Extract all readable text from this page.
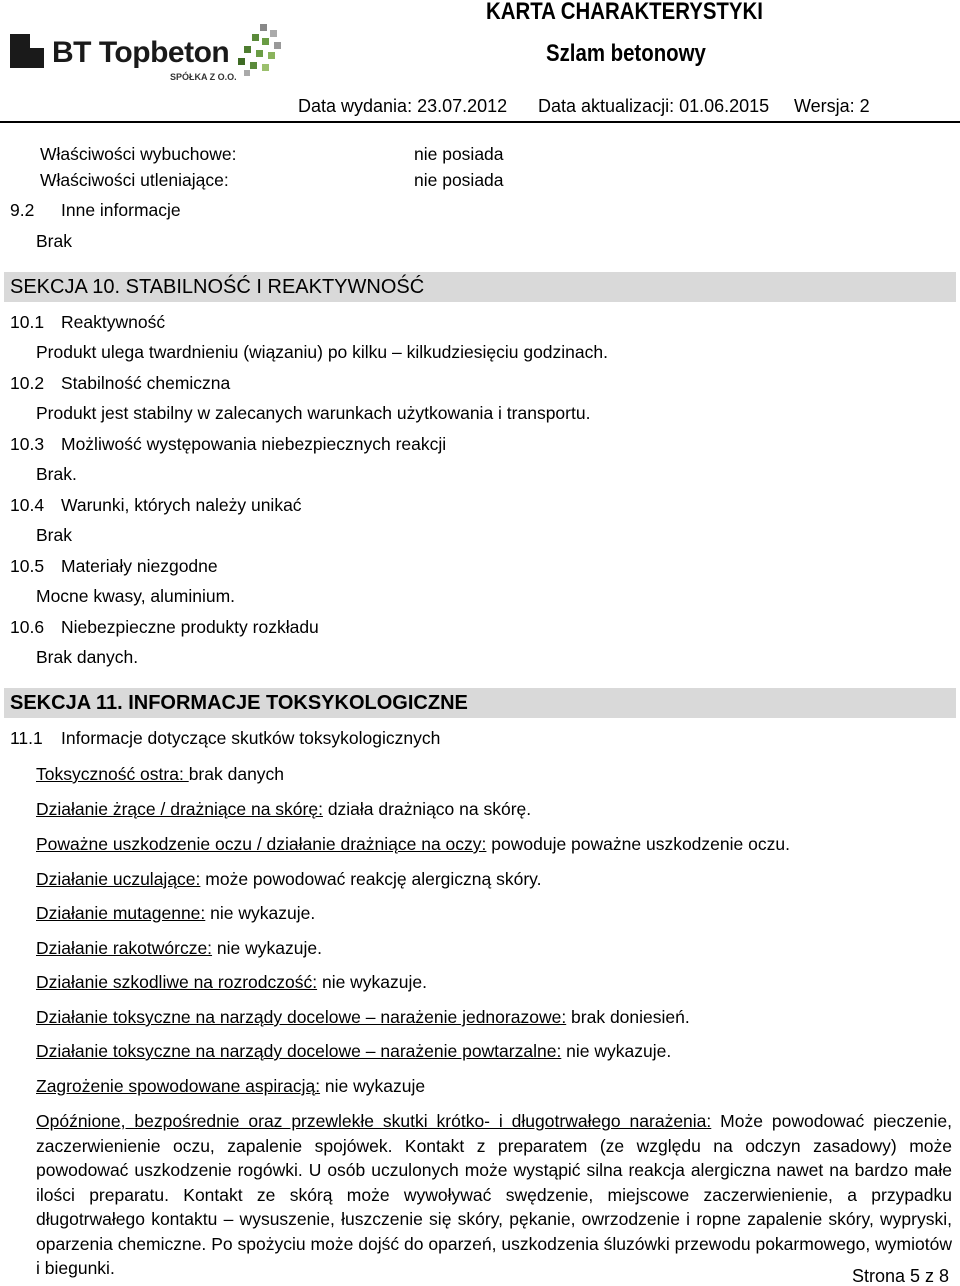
BT Topbeton
SPÓŁKA Z O.O.
KARTA CHARAKTERYSTYKI
Szlam betonowy
Data wydania: 23.07.2012 Data aktualizacji: 01.06.2015 Wersja: 2
Właściwości wybuchowe:	nie posiada
Właściwości utleniające:	nie posiada
9.2 Inne informacje
Brak
SEKCJA 10. STABILNOŚĆ I REAKTYWNOŚĆ
10.1 Reaktywność
Produkt ulega twardnieniu (wiązaniu) po kilku – kilkudziesięciu godzinach.
10.2 Stabilność chemiczna
Produkt jest stabilny w zalecanych warunkach użytkowania i transportu.
10.3 Możliwość występowania niebezpiecznych reakcji
Brak.
10.4 Warunki, których należy unikać
Brak
10.5 Materiały niezgodne
Mocne kwasy, aluminium.
10.6 Niebezpieczne produkty rozkładu
Brak danych.
SEKCJA 11. INFORMACJE TOKSYKOLOGICZNE
11.1 Informacje dotyczące skutków toksykologicznych
Toksyczność ostra: brak danych
Działanie żrące / drażniące na skórę: działa drażniąco na skórę.
Poważne uszkodzenie oczu / działanie drażniące na oczy: powoduje poważne uszkodzenie oczu.
Działanie uczulające: może powodować reakcję alergiczną skóry.
Działanie mutagenne: nie wykazuje.
Działanie rakotwórcze: nie wykazuje.
Działanie szkodliwe na rozrodczość: nie wykazuje.
Działanie toksyczne na narządy docelowe – narażenie jednorazowe: brak doniesień.
Działanie toksyczne na narządy docelowe – narażenie powtarzalne: nie wykazuje.
Zagrożenie spowodowane aspiracją: nie wykazuje
Opóźnione, bezpośrednie oraz przewlekłe skutki krótko- i długotrwałego narażenia: Może powodować pieczenie, zaczerwienienie oczu, zapalenie spojówek. Kontakt z preparatem (ze względu na odczyn zasadowy) może powodować uszkodzenie rogówki. U osób uczulonych może wystąpić silna reakcja alergiczna nawet na bardzo małe ilości preparatu. Kontakt ze skórą może wywoływać swędzenie, miejscowe zaczerwienienie, a przypadku długotrwałego kontaktu – wysuszenie, łuszczenie się skóry, pękanie, owrzodzenie i ropne zapalenie skóry, wypryski, oparzenia chemiczne. Po spożyciu może dojść do oparzeń, uszkodzenia śluzówki przewodu pokarmowego, wymiotów i biegunki.	Strona 5 z 8
